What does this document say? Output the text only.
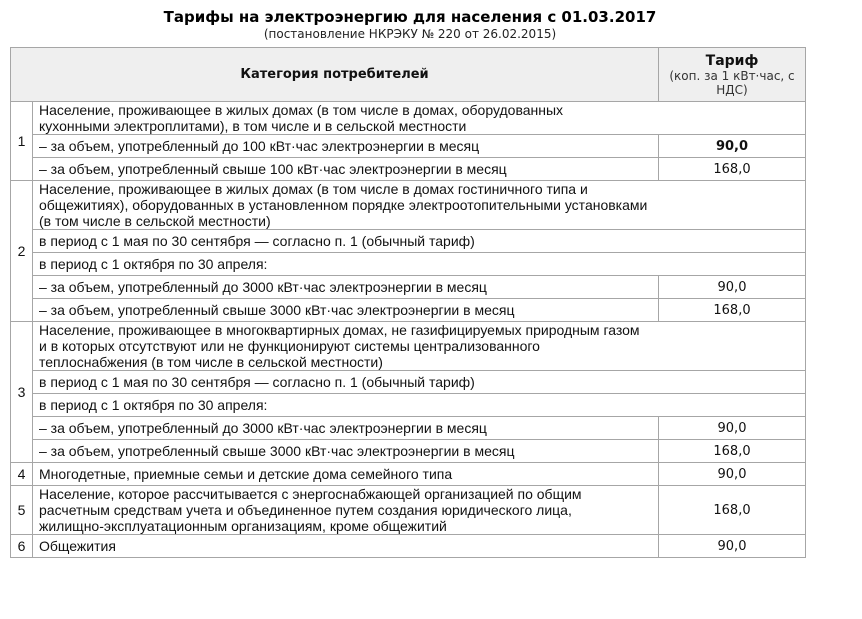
Тарифы на электроэнергию для населения с 01.03.2017
(постановление НКРЭКУ № 220 от 26.02.2015)
Категория потребителей		Тариф
(коп. за 1 кВт·час, с НДС)

1	Население, проживающее в жилых домах (в том числе в домах, оборудованных кухонными электроплитами), в том числе и в сельской местности	
	– за объем, употребленный до 100 кВт·час электроэнергии в месяц	90,0
	– за объем, употребленный свыше 100 кВт·час электроэнергии в месяц	168,0
2	Население, проживающее в жилых домах (в том числе в домах гостиничного типа и общежитиях), оборудованных в установленном порядке электроотопительными установками (в том числе в сельской местности)	
	в период с 1 мая по 30 сентября — согласно п. 1 (обычный тариф)	
	в период с 1 октября по 30 апреля:	
	– за объем, употребленный до 3000 кВт·час электроэнергии в месяц	90,0
	– за объем, употребленный свыше 3000 кВт·час электроэнергии в месяц	168,0
3	Население, проживающее в многоквартирных домах, не газифицируемых природным газом и в которых отсутствуют или не функционируют системы централизованного теплоснабжения (в том числе в сельской местности)	
	в период с 1 мая по 30 сентября — согласно п. 1 (обычный тариф)	
	в период с 1 октября по 30 апреля:	
	– за объем, употребленный до 3000 кВт·час электроэнергии в месяц	90,0
	– за объем, употребленный свыше 3000 кВт·час электроэнергии в месяц	168,0
4	Многодетные, приемные семьи и детские дома семейного типа	90,0
5	Население, которое рассчитывается с энергоснабжающей организацией по общим расчетным средствам учета и объединенное путем создания юридического лица, жилищно-эксплуатационным организациям, кроме общежитий	168,0
6	Общежития	90,0
